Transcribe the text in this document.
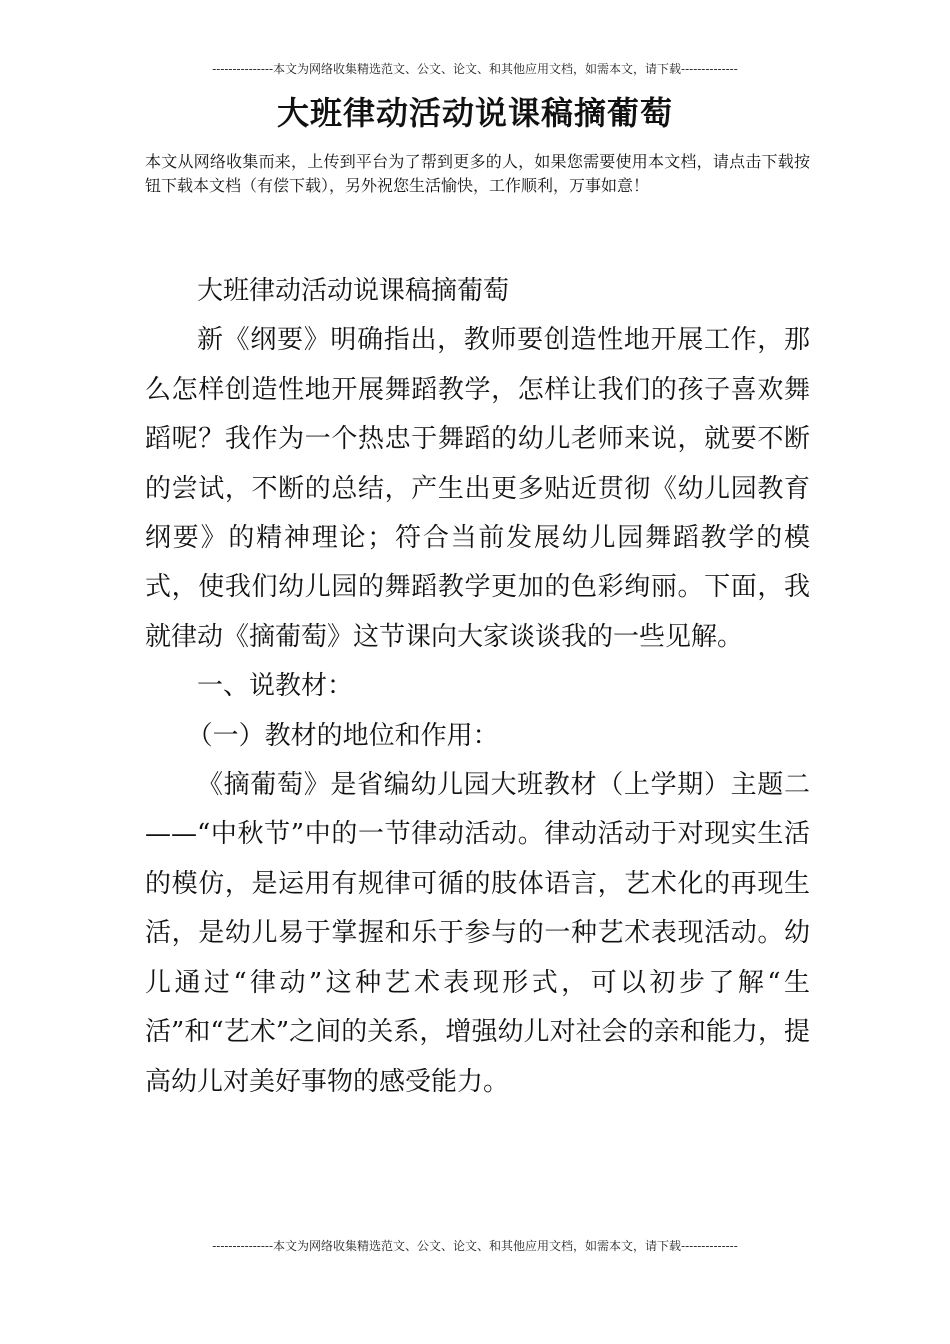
---------------本文为网络收集精选范文、公文、论文、和其他应用文档，如需本文，请下载--------------
大班律动活动说课稿摘葡萄

本文从网络收集而来，上传到平台为了帮到更多的人，如果您需要使用本文档，请点击下载按钮下载本文档（有偿下载），另外祝您生活愉快，工作顺利，万事如意！

大班律动活动说课稿摘葡萄

新《纲要》明确指出，教师要创造性地开展工作，那么怎样创造性地开展舞蹈教学，怎样让我们的孩子喜欢舞蹈呢？我作为一个热忠于舞蹈的幼儿老师来说，就要不断的尝试，不断的总结，产生出更多贴近贯彻《幼儿园教育纲要》的精神理论；符合当前发展幼儿园舞蹈教学的模式，使我们幼儿园的舞蹈教学更加的色彩绚丽。下面，我就律动《摘葡萄》这节课向大家谈谈我的一些见解。

一、说教材：

（一）教材的地位和作用：

《摘葡萄》是省编幼儿园大班教材（上学期）主题二——“中秋节”中的一节律动活动。律动活动于对现实生活的模仿，是运用有规律可循的肢体语言，艺术化的再现生活，是幼儿易于掌握和乐于参与的一种艺术表现活动。幼儿通过“律动”这种艺术表现形式，可以初步了解“生活”和“艺术”之间的关系，增强幼儿对社会的亲和能力，提高幼儿对美好事物的感受能力。

---------------本文为网络收集精选范文、公文、论文、和其他应用文档，如需本文，请下载--------------
